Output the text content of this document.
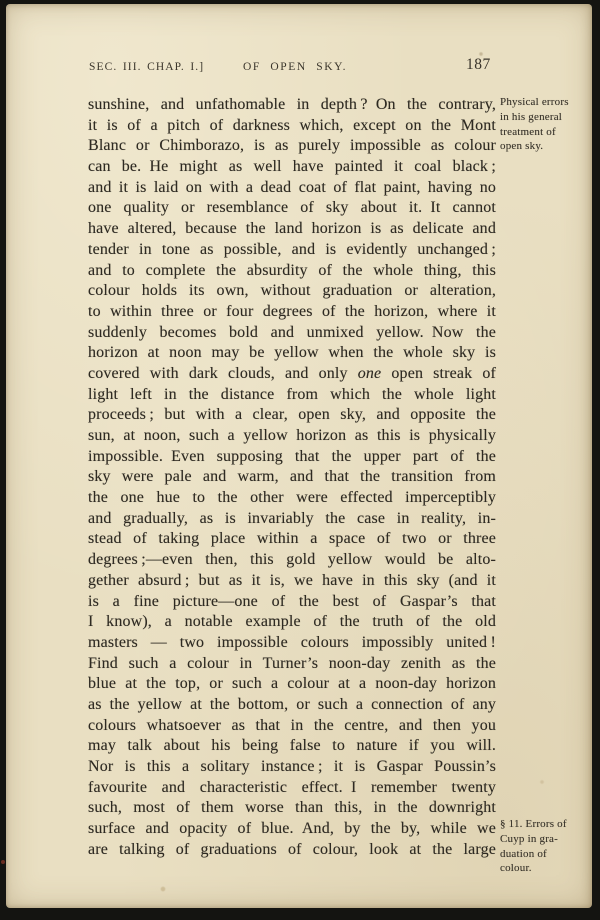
SEC. III. CHAP. I.]	OF OPEN SKY.	187
sunshine, and unfathomable in depth ? On the contrary,
it is of a pitch of darkness which, except on the Mont
Blanc or Chimborazo, is as purely impossible as colour
can be. He might as well have painted it coal black ;
and it is laid on with a dead coat of flat paint, having no
one quality or resemblance of sky about it. It cannot
have altered, because the land horizon is as delicate and
tender in tone as possible, and is evidently unchanged ;
and to complete the absurdity of the whole thing, this
colour holds its own, without graduation or alteration,
to within three or four degrees of the horizon, where it
suddenly becomes bold and unmixed yellow. Now the
horizon at noon may be yellow when the whole sky is
covered with dark clouds, and only one open streak of
light left in the distance from which the whole light
proceeds ; but with a clear, open sky, and opposite the
sun, at noon, such a yellow horizon as this is physically
impossible. Even supposing that the upper part of the
sky were pale and warm, and that the transition from
the one hue to the other were effected imperceptibly
and gradually, as is invariably the case in reality, in-
stead of taking place within a space of two or three
degrees ;—even then, this gold yellow would be alto-
gether absurd ; but as it is, we have in this sky (and it
is a fine picture—one of the best of Gaspar’s that
I know), a notable example of the truth of the old
masters — two impossible colours impossibly united !
Find such a colour in Turner’s noon-day zenith as the
blue at the top, or such a colour at a noon-day horizon
as the yellow at the bottom, or such a connection of any
colours whatsoever as that in the centre, and then you
may talk about his being false to nature if you will.
Nor is this a solitary instance ; it is Gaspar Poussin’s
favourite and characteristic effect. I remember twenty
such, most of them worse than this, in the downright
surface and opacity of blue. And, by the by, while we
are talking of graduations of colour, look at the large
Physical errors
in his general
treatment of
open sky.
§ 11. Errors of
Cuyp in gra-
duation of
colour.
